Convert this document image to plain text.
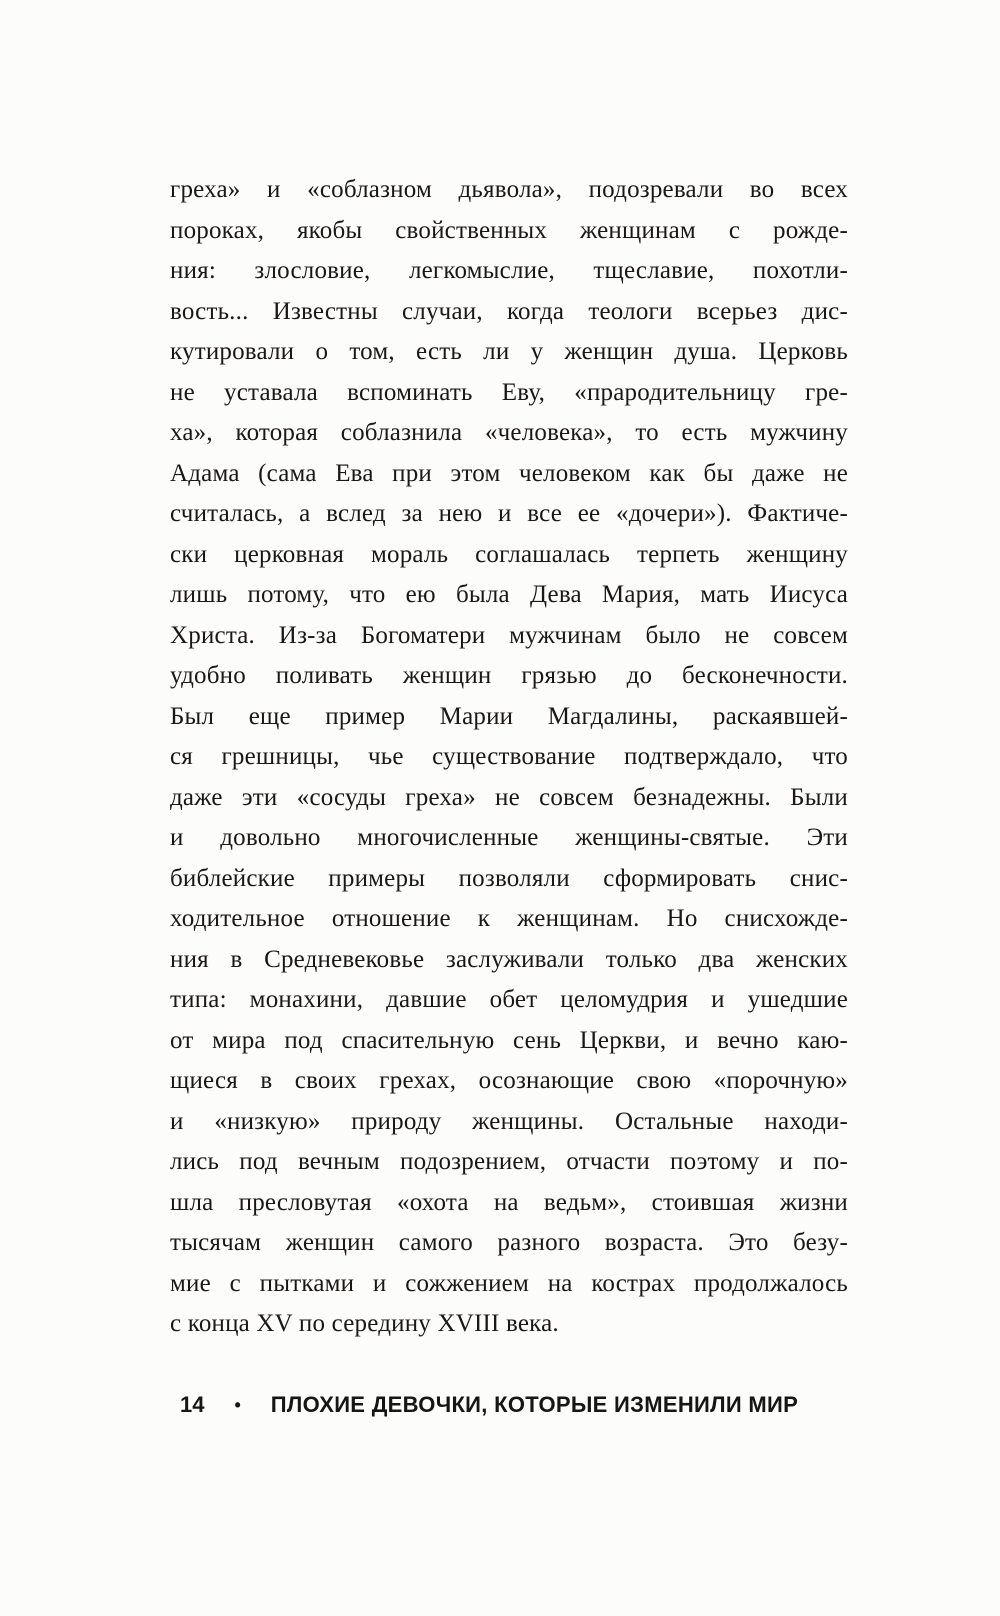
греха» и «соблазном дьявола», подозревали во всех
пороках, якобы свойственных женщинам с рожде-
ния: злословие, легкомыслие, тщеславие, похотли-
вость... Известны случаи, когда теологи всерьез дис-
кутировали о том, есть ли у женщин душа. Церковь
не уставала вспоминать Еву, «прародительницу гре-
ха», которая соблазнила «человека», то есть мужчину
Адама (сама Ева при этом человеком как бы даже не
считалась, а вслед за нею и все ее «дочери»). Фактиче-
ски церковная мораль соглашалась терпеть женщину
лишь потому, что ею была Дева Мария, мать Иисуса
Христа. Из-за Богоматери мужчинам было не совсем
удобно поливать женщин грязью до бесконечности.
Был еще пример Марии Магдалины, раскаявшей-
ся грешницы, чье существование подтверждало, что
даже эти «сосуды греха» не совсем безнадежны. Были
и довольно многочисленные женщины-святые. Эти
библейские примеры позволяли сформировать снис-
ходительное отношение к женщинам. Но снисхожде-
ния в Средневековье заслуживали только два женских
типа: монахини, давшие обет целомудрия и ушедшие
от мира под спасительную сень Церкви, и вечно каю-
щиеся в своих грехах, осознающие свою «порочную»
и «низкую» природу женщины. Остальные находи-
лись под вечным подозрением, отчасти поэтому и по-
шла пресловутая «охота на ведьм», стоившая жизни
тысячам женщин самого разного возраста. Это безу-
мие с пытками и сожжением на кострах продолжалось
с конца XV по середину XVIII века.
14 • ПЛОХИЕ ДЕВОЧКИ, КОТОРЫЕ ИЗМЕНИЛИ МИР
